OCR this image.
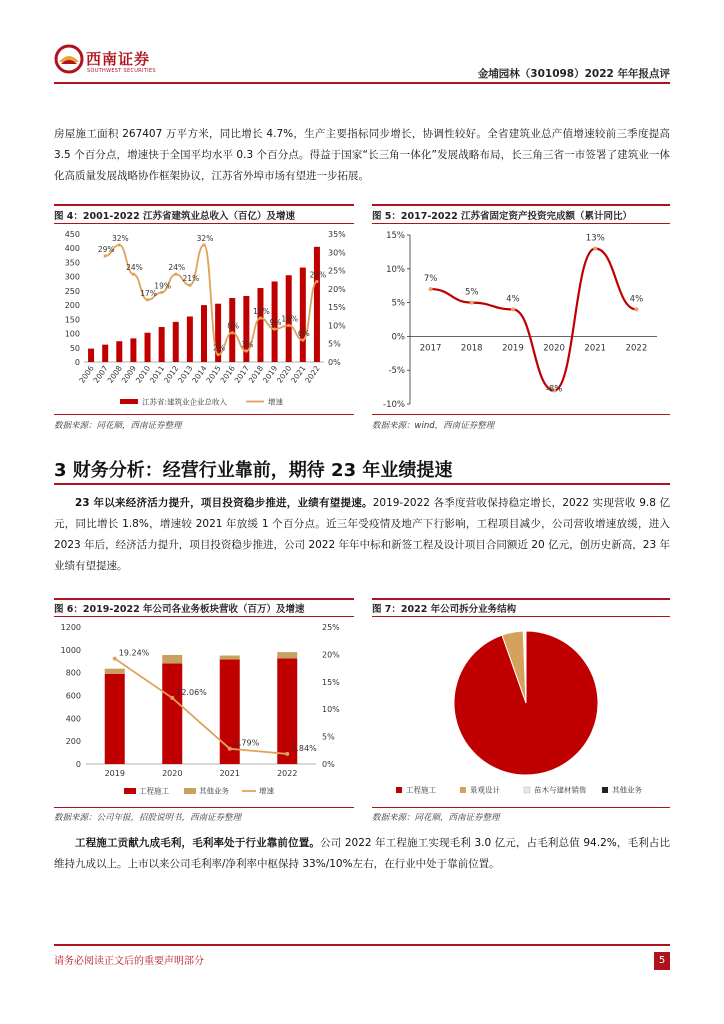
西南证券
SOUTHWEST SECURITIES	金埔园林（301098）2022 年年报点评
房屋施工面积 267407 万平方米，同比增长 4.7%，生产主要指标同步增长，协调性较好。全省建筑业总产值增速较前三季度提高 3.5 个百分点，增速快于全国平均水平 0.3 个百分点。得益于国家“长三角一体化”发展战略布局，长三角三省一市签署了建筑业一体化高质量发展战略协作框架协议，江苏省外埠市场有望进一步拓展。
图 4：2001-2022 江苏省建筑业总收入（百亿）及增速
0
50
100
150
200
250
300
350
400
450
0%
5%
10%
15%
20%
25%
30%
35%
2006
2007
2008
2009
2010
2011
2012
2013
2014
2015
2016
2017
2018
2019
2020
2021
2022
29%
32%
24%
17%
19%
24%
21%
32%
2%
8%
3%
12%
9% 10%
6%
22%
江苏省:建筑业企业总收入	增速
数据来源：同花顺，西南证券整理
图 5：2017-2022 江苏省固定资产投资完成额（累计同比）
15%
10%
5%
0%
-5%
-10%
2017 2018 2019 2020 2021 2022
7%
5%
4%
-8%
13%
4%
数据来源：wind，西南证券整理
3 财务分析：经营行业靠前，期待 23 年业绩提速
23 年以来经济活力提升，项目投资稳步推进，业绩有望提速。2019-2022 各季度营收保持稳定增长，2022 实现营收 9.8 亿元，同比增长 1.8%，增速较 2021 年放缓 1 个百分点。近三年受疫情及地产下行影响，工程项目减少，公司营收增速放缓，进入 2023 年后，经济活力提升，项目投资稳步推进，公司 2022 年年中标和新签工程及设计项目合同额近 20 亿元，创历史新高，23 年业绩有望提速。
图 6：2019-2022 年公司各业务板块营收（百万）及增速
0
200
400
600
800
1000
1200
0%
5%
10%
15%
20%
25%
2019	2020	2021	2022
19.24%
12.06%
2.79%
1.84%
工程施工	其他业务	增速
数据来源：公司年报，招股说明书，西南证券整理
图 7：2022 年公司拆分业务结构
工程施工	景观设计	苗木与建材销售	其他业务
数据来源：同花顺，西南证券整理
工程施工贡献九成毛利，毛利率处于行业靠前位置。公司 2022 年工程施工实现毛利 3.0 亿元，占毛利总值 94.2%，毛利占比维持九成以上。上市以来公司毛利率/净利率中枢保持 33%/10%左右，在行业中处于靠前位置。
请务必阅读正文后的重要声明部分	5
